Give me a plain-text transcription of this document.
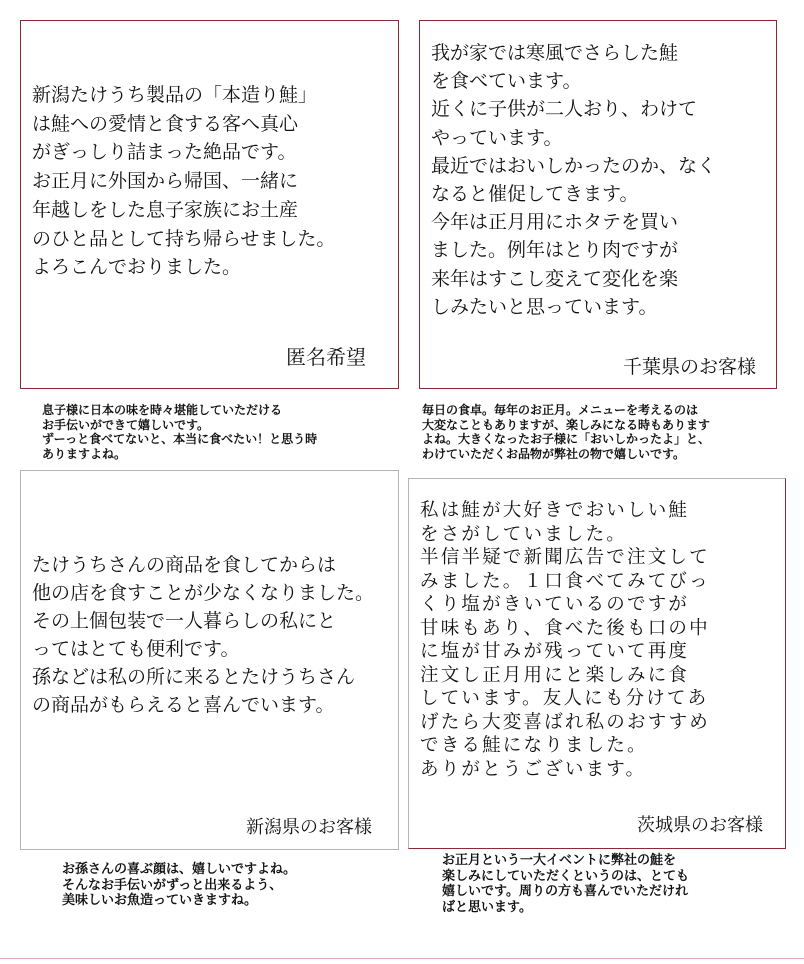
新潟たけうち製品の「本造り鮭」
は鮭への愛情と食する客へ真心
がぎっしり詰まった絶品です。
お正月に外国から帰国、一緒に
年越しをした息子家族にお土産
のひと品として持ち帰らせました。
よろこんでおりました。

匿名希望

我が家では寒風でさらした鮭
を食べています。
近くに子供が二人おり、わけて
やっています。
最近ではおいしかったのか、なく
なると催促してきます。
今年は正月用にホタテを買い
ました。例年はとり肉ですが
来年はすこし変えて変化を楽
しみたいと思っています。

千葉県のお客様
息子様に日本の味を時々堪能していただける
お手伝いができて嬉しいです。
ずーっと食べてないと、本当に食べたい！と思う時
ありますよね。
毎日の食卓。毎年のお正月。メニューを考えるのは
大変なこともありますが、楽しみになる時もあります
よね。大きくなったお子様に「おいしかったよ」と、
わけていただくお品物が弊社の物で嬉しいです。

たけうちさんの商品を食してからは
他の店を食すことが少なくなりました。
その上個包装で一人暮らしの私にと
ってはとても便利です。
孫などは私の所に来るとたけうちさん
の商品がもらえると喜んでいます。

新潟県のお客様

私は鮭が大好きでおいしい鮭
をさがしていました。
半信半疑で新聞広告で注文して
みました。１口食べてみてびっ
くり塩がきいているのですが
甘味もあり、食べた後も口の中
に塩が甘みが残っていて再度
注文し正月用にと楽しみに食
しています。友人にも分けてあ
げたら大変喜ばれ私のおすすめ
できる鮭になりました。
ありがとうございます。

茨城県のお客様
お孫さんの喜ぶ顔は、嬉しいですよね。
そんなお手伝いがずっと出来るよう、
美味しいお魚造っていきますね。
お正月という一大イベントに弊社の鮭を
楽しみにしていただくというのは、とても
嬉しいです。周りの方も喜んでいただけれ
ばと思います。
